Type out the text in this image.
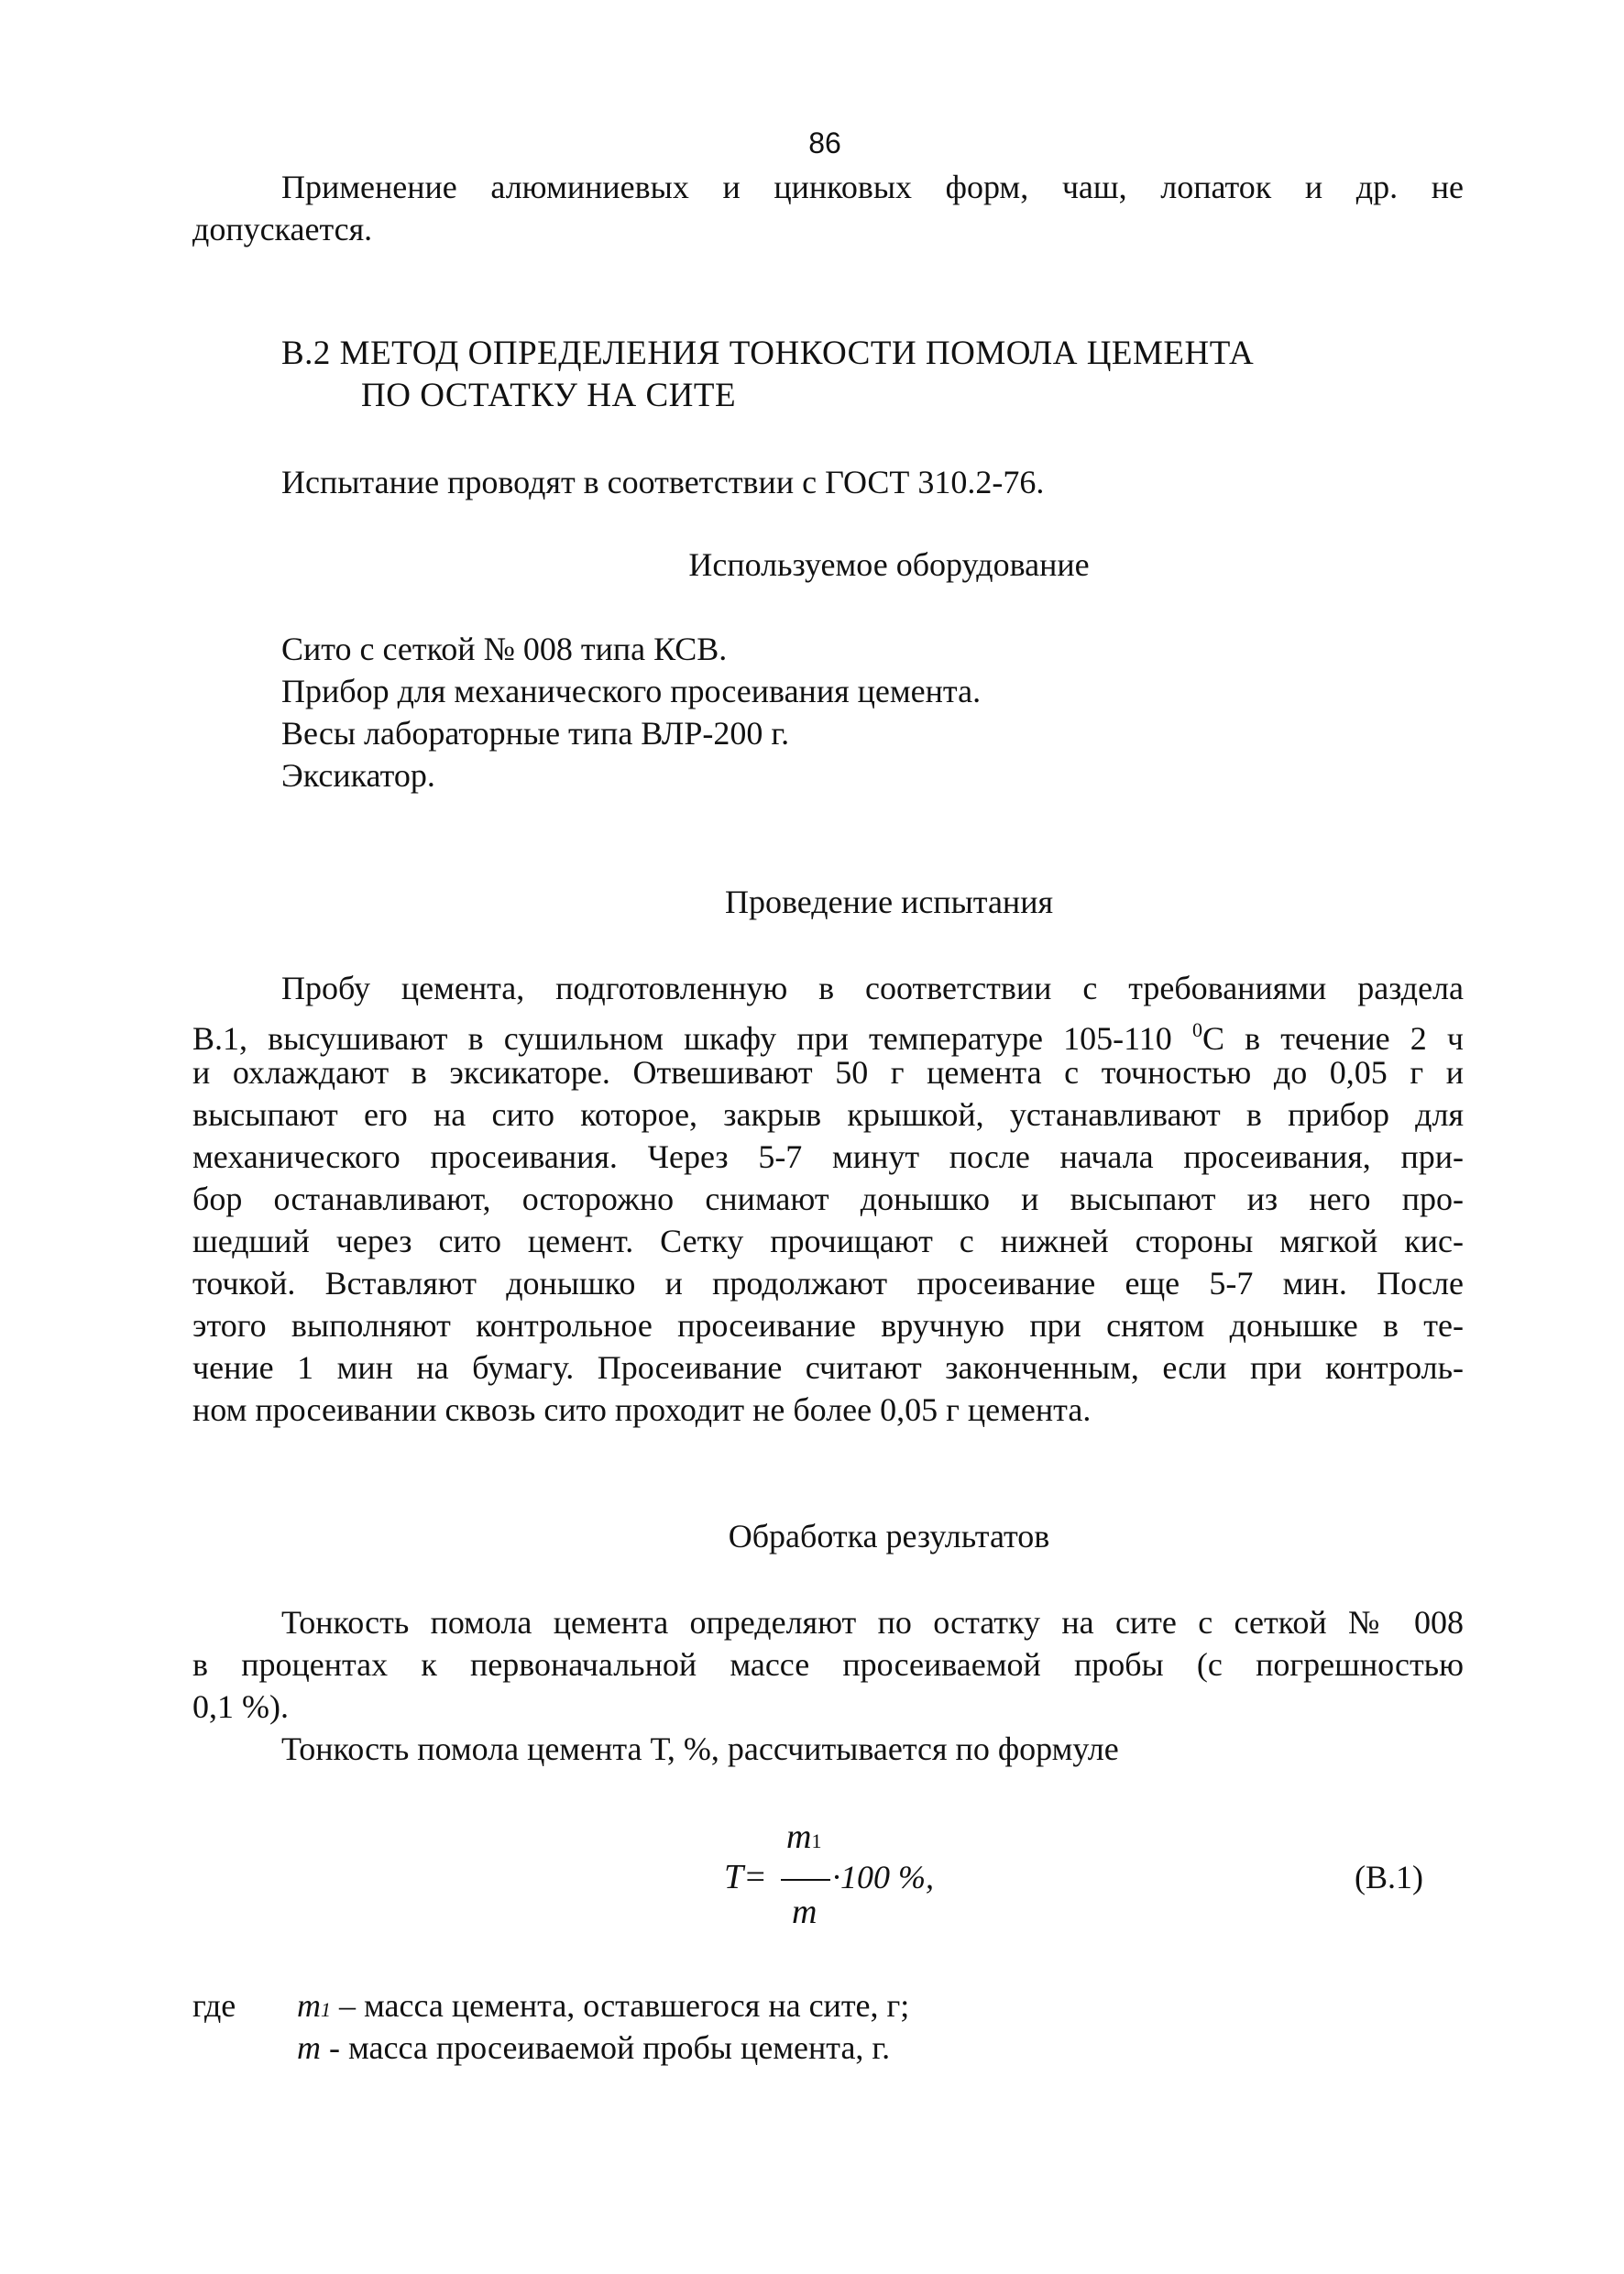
86

Применение алюминиевых и цинковых форм, чаш, лопаток и др. не

допускается.

В.2 МЕТОД ОПРЕДЕЛЕНИЯ ТОНКОСТИ ПОМОЛА ЦЕМЕНТА

ПО ОСТАТКУ НА СИТЕ

Испытание проводят в соответствии с ГОСТ 310.2-76.

Используемое оборудование

Сито с сеткой № 008 типа КСВ.

Прибор для механического просеивания цемента.

Весы лабораторные типа ВЛР-200 г.

Эксикатор.

Проведение испытания

Пробу цемента, подготовленную в соответствии с требованиями раздела

В.1, высушивают в сушильном шкафу при температуре 105-110 $^0$С в течение 2 ч

и охлаждают в эксикаторе. Отвешивают 50 г цемента с точностью до 0,05 г и

высыпают его на сито которое, закрыв крышкой, устанавливают в прибор для

механического просеивания. Через 5-7 минут после начала просеивания, при-

бор останавливают, осторожно снимают донышко и высыпают из него про-

шедший через сито цемент. Сетку прочищают с нижней стороны мягкой кис-

точкой. Вставляют донышко и продолжают просеивание еще 5-7 мин. После

этого выполняют контрольное просеивание вручную при снятом донышке в те-

чение 1 мин на бумагу. Просеивание считают законченным, если при контроль-

ном просеивании сквозь сито проходит не более 0,05 г цемента.

Обработка результатов

Тонкость помола цемента определяют по остатку на сите с сеткой № 008

в процентах к первоначальной массе просеиваемой пробы (с погрешностью

0,1 %).

Тонкость помола цемента Т, %, рассчитывается по формуле

T=
m1
m
·100 %,	(В.1)

где m1 – масса цемента, оставшегося на сите, г;

m - масса просеиваемой пробы цемента, г.
